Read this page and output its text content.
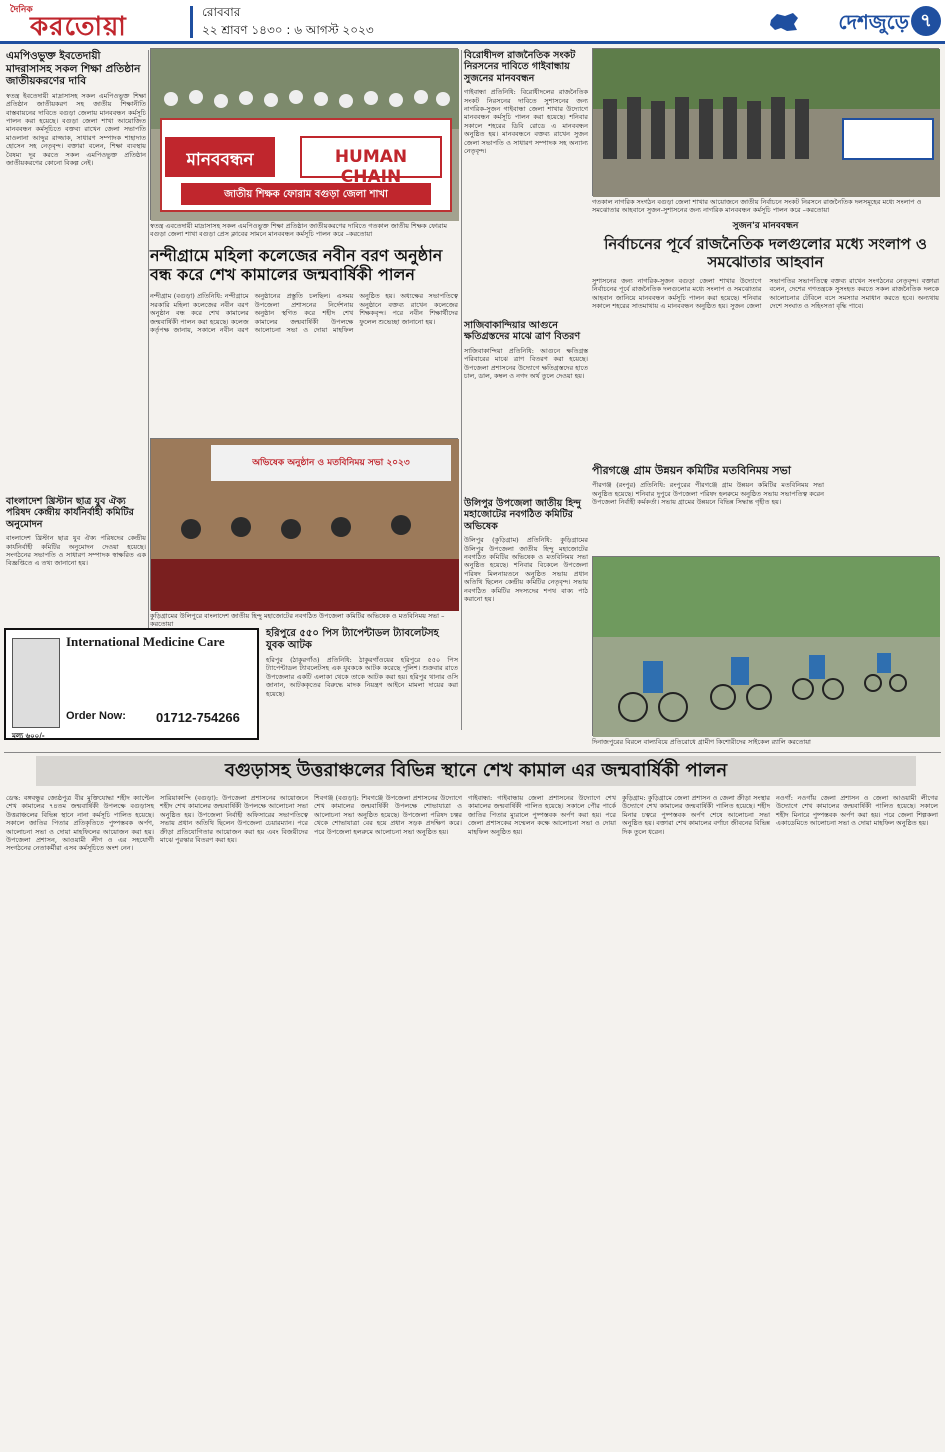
দৈনিক
করতোয়া	রোববার
২২ শ্রাবণ ১৪৩০ : ৬ আগস্ট ২০২৩	দেশজুড়ে ৭
এমপিওভুক্ত ইবতেদায়ী মাদরাসাসহ সকল শিক্ষা প্রতিষ্ঠান জাতীয়করণের দাবি
স্বতন্ত্র ইবতেদায়ী মাদ্রাসাসহ সকল এমপিওভুক্ত শিক্ষা প্রতিষ্ঠান জাতীয়করণ সহ জাতীয় শিক্ষানীতি বাস্তবায়নের দাবিতে বগুড়া জেলায় মানববন্ধন কর্মসূচি পালন করা হয়েছে। বগুড়া জেলা শাখা আয়োজিত মানববন্ধন কর্মসূচিতে বক্তব্য রাখেন জেলা সভাপতি মাওলানা আব্দুর রাজ্জাক, সাধারণ সম্পাদক শাহাদাত হোসেন সহ নেতৃবৃন্দ। বক্তারা বলেন, শিক্ষা ব্যবস্থায় বৈষম্য দূর করতে সকল এমপিওভুক্ত প্রতিষ্ঠান জাতীয়করণের কোনো বিকল্প নেই।	মানববন্ধন	HUMAN CHAIN
জাতীয় শিক্ষক ফোরাম বগুড়া জেলা শাখা
স্বতন্ত্র এবতেদায়ী মাদ্রাসাসহ সকল এমপিওভুক্ত শিক্ষা প্রতিষ্ঠান জাতীয়করণের দাবিতে গতকাল জাতীয় শিক্ষক ফোরাম বগুড়া জেলা শাখা বগুড়া প্রেস ক্লাবের সামনে মানববন্ধন কর্মসূচি পালন করে –করতোয়া
নন্দীগ্রামে মহিলা কলেজের নবীন বরণ অনুষ্ঠান বন্ধ করে শেখ কামালের জন্মবার্ষিকী পালন
নন্দীগ্রাম (বগুড়া) প্রতিনিধি: নন্দীগ্রামে সরকারি মহিলা কলেজের নবীন বরণ অনুষ্ঠান বন্ধ করে শেখ কামালের জন্মবার্ষিকী পালন করা হয়েছে। কলেজ কর্তৃপক্ষ জানায়, সকালে নবীন বরণ অনুষ্ঠানের প্রস্তুতি চলছিল। এসময় উপজেলা প্রশাসনের নির্দেশনায় অনুষ্ঠান স্থগিত করে শহীদ শেখ কামালের জন্মবার্ষিকী উপলক্ষে আলোচনা সভা ও দোয়া মাহফিল অনুষ্ঠিত হয়। অধ্যক্ষের সভাপতিত্বে অনুষ্ঠানে বক্তব্য রাখেন কলেজের শিক্ষকবৃন্দ। পরে নবীন শিক্ষার্থীদের ফুলেল শুভেচ্ছা জানানো হয়।
অভিষেক অনুষ্ঠান ও মতবিনিময় সভা ২০২৩
কুড়িগ্রামের উলিপুরে বাংলাদেশ জাতীয় হিন্দু মহাজোটের নবগঠিত উপজেলা কমিটির অভিষেক ও মতবিনিময় সভা –করতোয়া
বাংলাদেশ খ্রিস্টান ছাত্র যুব ঐক্য পরিষদ কেন্দ্রীয় কার্যনির্বাহী কমিটির অনুমোদন
বাংলাদেশ খ্রিস্টান ছাত্র যুব ঐক্য পরিষদের কেন্দ্রীয় কার্যনির্বাহী কমিটির অনুমোদন দেওয়া হয়েছে। সংগঠনের সভাপতি ও সাধারণ সম্পাদক স্বাক্ষরিত এক বিজ্ঞপ্তিতে এ তথ্য জানানো হয়।
হরিপুরে ৫৫০ পিস ট্যাপেন্টাডল ট্যাবলেটসহ যুবক আটক
হরিপুর (ঠাকুরগাঁও) প্রতিনিধি: ঠাকুরগাঁওয়ের হরিপুরে ৫৫০ পিস ট্যাপেন্টাডল ট্যাবলেটসহ এক যুবককে আটক করেছে পুলিশ। শুক্রবার রাতে উপজেলার একটি এলাকা থেকে তাকে আটক করা হয়। হরিপুর থানার ওসি জানান, আটককৃতের বিরুদ্ধে মাদক নিয়ন্ত্রণ আইনে মামলা দায়ের করা হয়েছে।
International Medicine Care
Order Now: 01712-754266
মূল্য ৬০০/-
বিরোধীদল রাজনৈতিক সংকট নিরসনের দাবিতে গাইবান্ধায় সুজনের মানববন্ধন
গাইবান্ধা প্রতিনিধি: বিরোধীদলের রাজনৈতিক সংকট নিরসনের দাবিতে সুশাসনের জন্য নাগরিক-সুজন গাইবান্ধা জেলা শাখার উদ্যোগে মানববন্ধন কর্মসূচি পালন করা হয়েছে। শনিবার সকালে শহরের ডিবি রোডে এ মানববন্ধন অনুষ্ঠিত হয়। মানববন্ধনে বক্তব্য রাখেন সুজন জেলা সভাপতি ও সাধারণ সম্পাদক সহ অন্যান্য নেতৃবৃন্দ।
সাজিবাকান্দিয়ার আগুনে ক্ষতিগ্রস্তদের মাঝে ত্রাণ বিতরণ
সাজিবাকান্দিয়া প্রতিনিধি: আগুনে ক্ষতিগ্রস্ত পরিবারের মাঝে ত্রাণ বিতরণ করা হয়েছে। উপজেলা প্রশাসনের উদ্যোগে ক্ষতিগ্রস্তদের হাতে চাল, ডাল, কম্বল ও নগদ অর্থ তুলে দেওয়া হয়।
উলিপুর উপজেলা জাতীয় হিন্দু মহাজোটের নবগঠিত কমিটির অভিষেক
উলিপুর (কুড়িগ্রাম) প্রতিনিধি: কুড়িগ্রামের উলিপুর উপজেলা জাতীয় হিন্দু মহাজোটের নবগঠিত কমিটির অভিষেক ও মতবিনিময় সভা অনুষ্ঠিত হয়েছে। শনিবার বিকেলে উপজেলা পরিষদ মিলনায়তনে অনুষ্ঠিত সভায় প্রধান অতিথি ছিলেন কেন্দ্রীয় কমিটির নেতৃবৃন্দ। সভায় নবগঠিত কমিটির সদস্যদের শপথ বাক্য পাঠ করানো হয়।
গতকাল নাগরিক সংগঠন বগুড়া জেলা শাখার আয়োজনে জাতীয় নির্বাচনে সংকট নিরসনে রাজনৈতিক দলসমূহের মধ্যে সংলাপ ও সমঝোতার আহবানে সুজন-সুশাসনের জন্য নাগরিক মানববন্ধন কর্মসূচি পালন করে –করতোয়া
সুজন'র মানববন্ধন
নির্বাচনের পূর্বে রাজনৈতিক দলগুলোর মধ্যে সংলাপ ও সমঝোতার আহবান
সুশাসনের জন্য নাগরিক-সুজন বগুড়া জেলা শাখার উদ্যোগে নির্বাচনের পূর্বে রাজনৈতিক দলগুলোর মধ্যে সংলাপ ও সমঝোতার আহবান জানিয়ে মানববন্ধন কর্মসূচি পালন করা হয়েছে। শনিবার সকালে শহরের সাতমাথায় এ মানববন্ধন অনুষ্ঠিত হয়। সুজন জেলা সভাপতির সভাপতিত্বে বক্তব্য রাখেন সংগঠনের নেতৃবৃন্দ। বক্তারা বলেন, দেশের গণতন্ত্রকে সুসংহত করতে সকল রাজনৈতিক দলকে আলোচনার টেবিলে বসে সমস্যার সমাধান করতে হবে। অন্যথায় দেশে সংঘাত ও সহিংসতা বৃদ্ধি পাবে।
পীরগঞ্জে গ্রাম উন্নয়ন কমিটির মতবিনিময় সভা
পীরগঞ্জ (রংপুর) প্রতিনিধি: রংপুরের পীরগঞ্জে গ্রাম উন্নয়ন কমিটির মতবিনিময় সভা অনুষ্ঠিত হয়েছে। শনিবার দুপুরে উপজেলা পরিষদ হলরুমে অনুষ্ঠিত সভায় সভাপতিত্ব করেন উপজেলা নির্বাহী কর্মকর্তা। সভায় গ্রামের উন্নয়নে বিভিন্ন সিদ্ধান্ত গৃহীত হয়।
দিনাজপুরের বিরলে বাল্যবিয়ে প্রতিরোধে গ্রামীণ কিশোরীদের সাইকেল র‍্যালি করতোয়া
বগুড়াসহ উত্তরাঞ্চলের বিভিন্ন স্থানে শেখ কামাল এর জন্মবার্ষিকী পালন
ডেস্ক: বঙ্গবন্ধুর জ্যেষ্ঠপুত্র বীর মুক্তিযোদ্ধা শহীদ ক্যাপ্টেন শেখ কামালের ৭৪তম জন্মবার্ষিকী উপলক্ষে বগুড়াসহ উত্তরাঞ্চলের বিভিন্ন স্থানে নানা কর্মসূচি পালিত হয়েছে। সকালে জাতির পিতার প্রতিকৃতিতে পুষ্পস্তবক অর্পণ, আলোচনা সভা ও দোয়া মাহফিলের আয়োজন করা হয়। উপজেলা প্রশাসন, আওয়ামী লীগ ও এর সহযোগী সংগঠনের নেতাকর্মীরা এসব কর্মসূচিতে অংশ নেন।
সারিয়াকান্দি (বগুড়া): উপজেলা প্রশাসনের আয়োজনে শহীদ শেখ কামালের জন্মবার্ষিকী উপলক্ষে আলোচনা সভা অনুষ্ঠিত হয়। উপজেলা নির্বাহী অফিসারের সভাপতিত্বে সভায় প্রধান অতিথি ছিলেন উপজেলা চেয়ারম্যান। পরে ক্রীড়া প্রতিযোগিতার আয়োজন করা হয় এবং বিজয়ীদের মাঝে পুরস্কার বিতরণ করা হয়।
শিবগঞ্জ (বগুড়া): শিবগঞ্জে উপজেলা প্রশাসনের উদ্যোগে শেখ কামালের জন্মবার্ষিকী উপলক্ষে শোভাযাত্রা ও আলোচনা সভা অনুষ্ঠিত হয়েছে। উপজেলা পরিষদ চত্বর থেকে শোভাযাত্রা বের হয়ে প্রধান সড়ক প্রদক্ষিণ করে। পরে উপজেলা হলরুমে আলোচনা সভা অনুষ্ঠিত হয়।
গাইবান্ধা: গাইবান্ধায় জেলা প্রশাসনের উদ্যোগে শেখ কামালের জন্মবার্ষিকী পালিত হয়েছে। সকালে পৌর পার্কে জাতির পিতার ম্যুরালে পুষ্পস্তবক অর্পণ করা হয়। পরে জেলা প্রশাসকের সম্মেলন কক্ষে আলোচনা সভা ও দোয়া মাহফিল অনুষ্ঠিত হয়।
কুড়িগ্রাম: কুড়িগ্রামে জেলা প্রশাসন ও জেলা ক্রীড়া সংস্থার উদ্যোগে শেখ কামালের জন্মবার্ষিকী পালিত হয়েছে। শহীদ মিনার চত্বরে পুষ্পস্তবক অর্পণ শেষে আলোচনা সভা অনুষ্ঠিত হয়। বক্তারা শেখ কামালের বর্ণাঢ্য জীবনের বিভিন্ন দিক তুলে ধরেন।
নওগাঁ: নওগাঁয় জেলা প্রশাসন ও জেলা আওয়ামী লীগের উদ্যোগে শেখ কামালের জন্মবার্ষিকী পালিত হয়েছে। সকালে শহীদ মিনারে পুষ্পস্তবক অর্পণ করা হয়। পরে জেলা শিল্পকলা একাডেমিতে আলোচনা সভা ও দোয়া মাহফিল অনুষ্ঠিত হয়।
